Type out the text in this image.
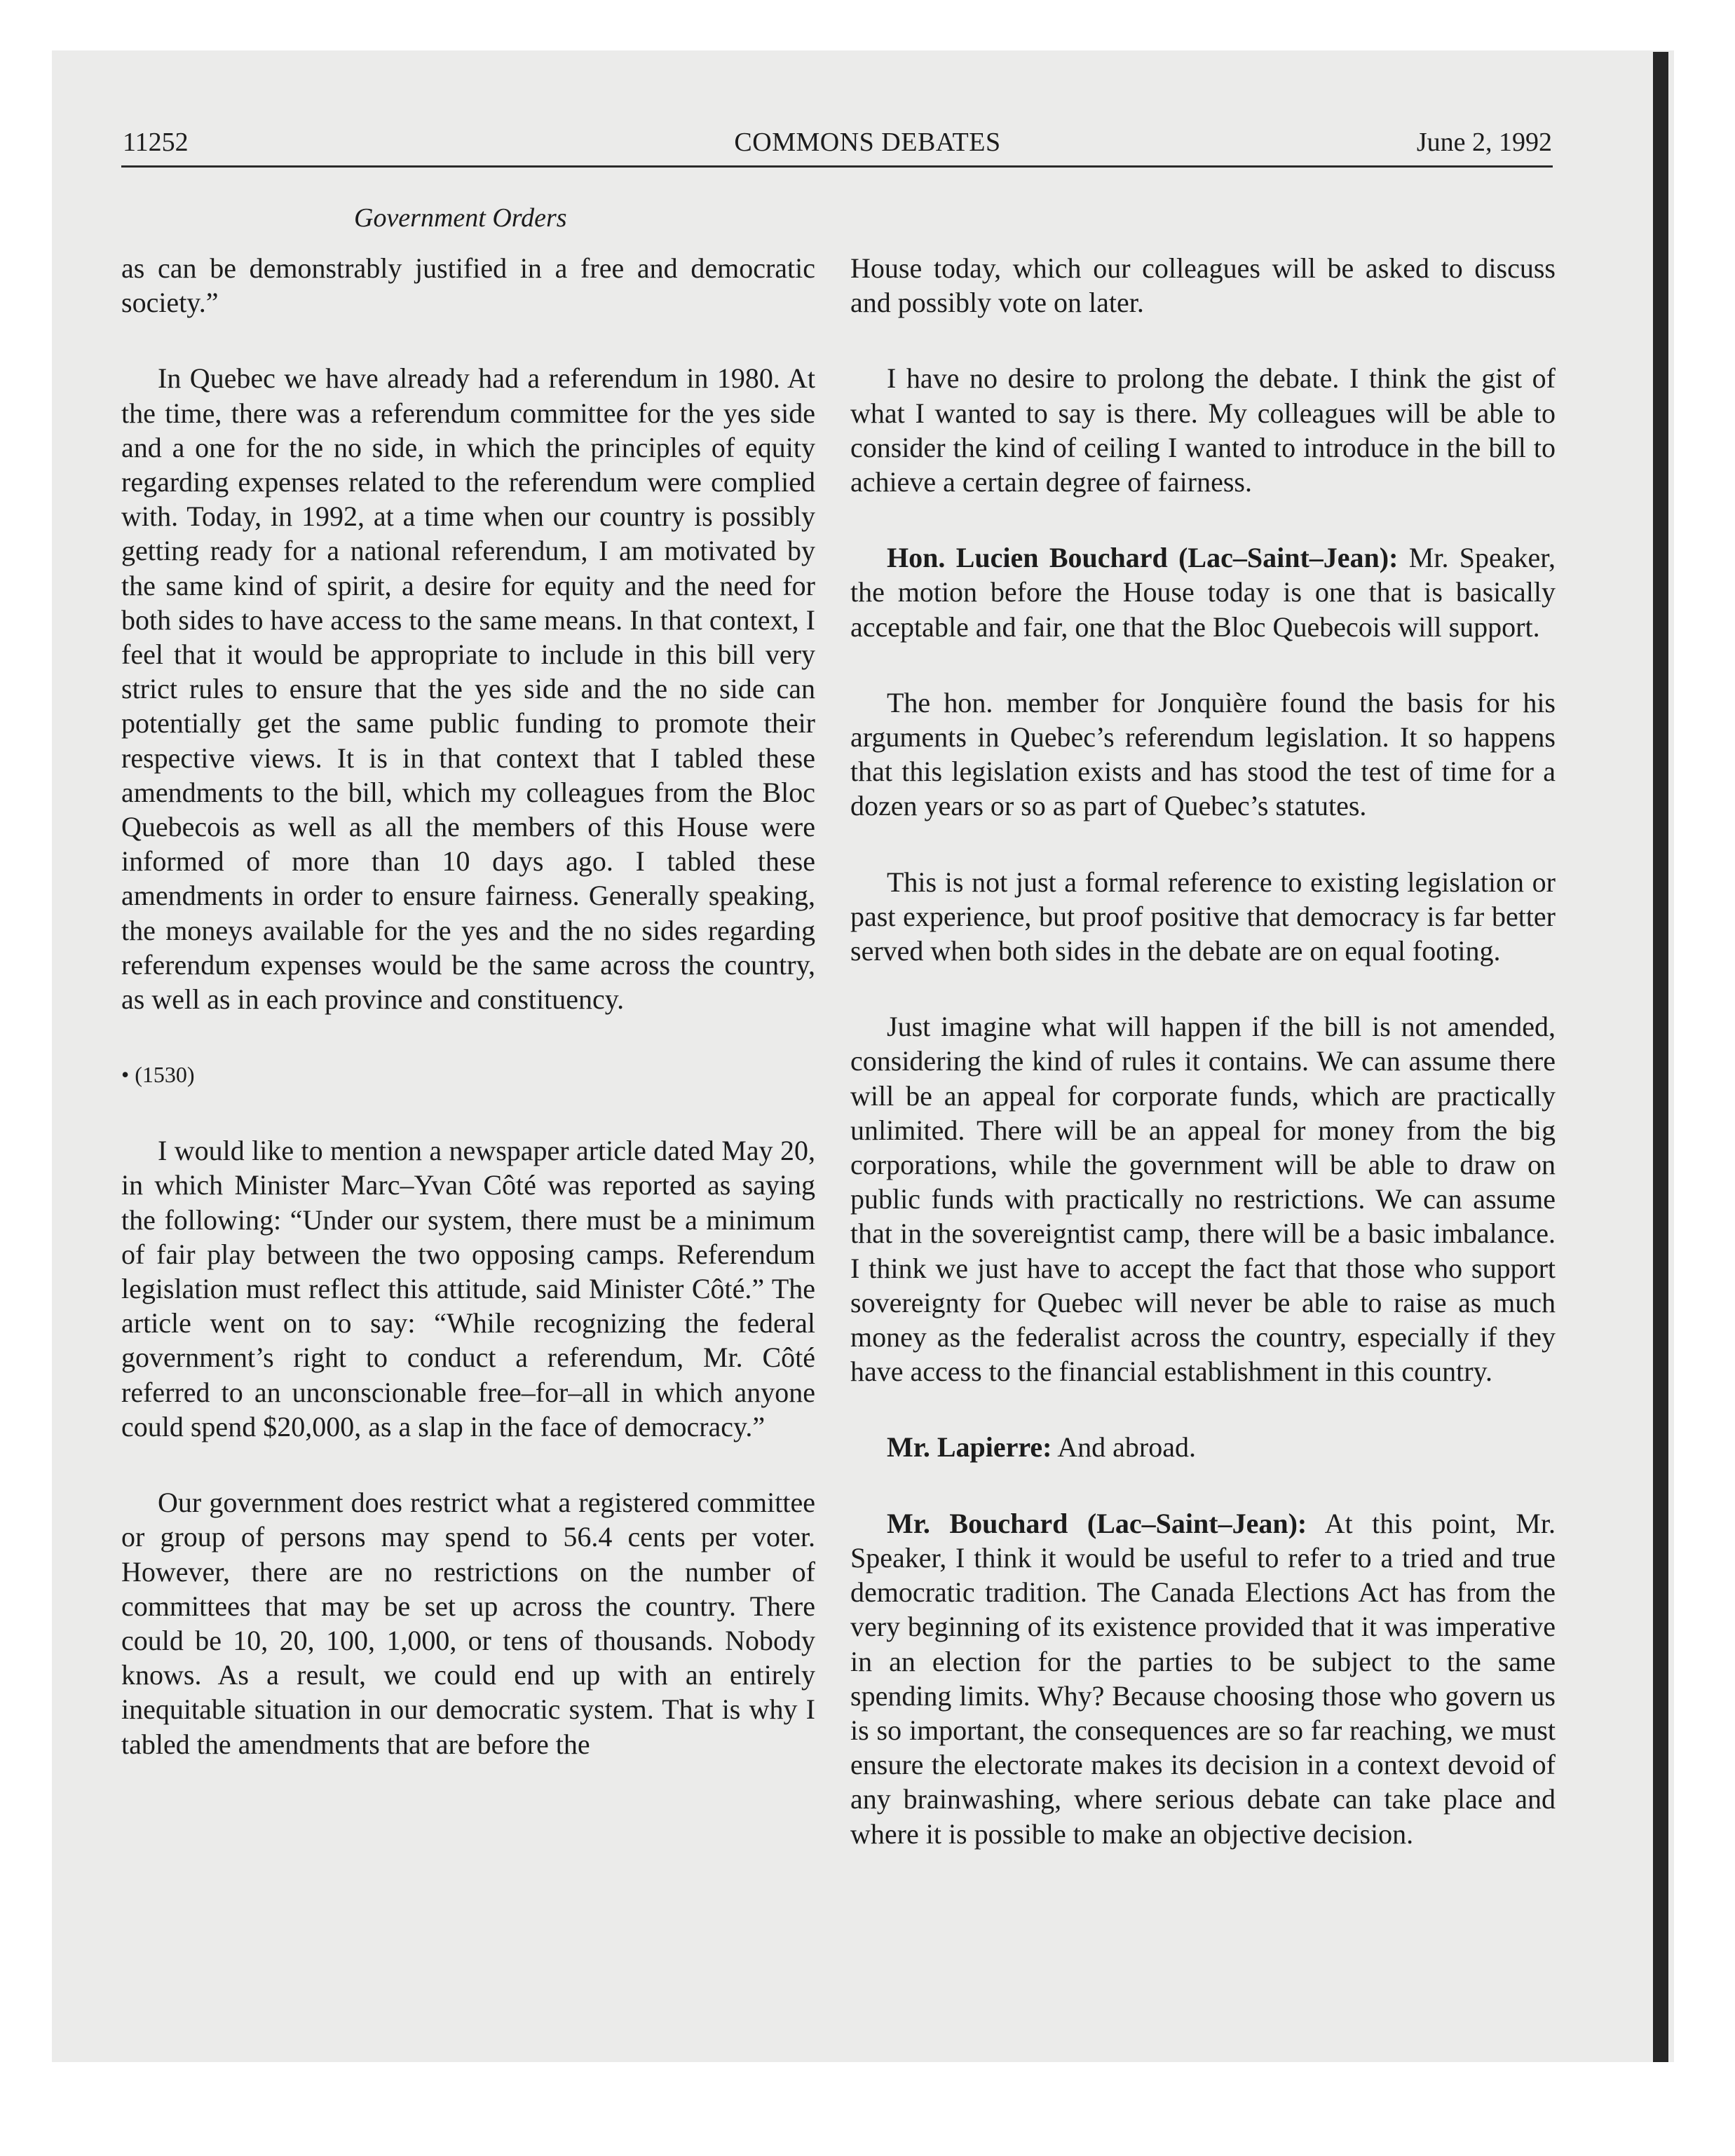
11252	COMMONS DEBATES	June 2, 1992
Government Orders

as can be demonstrably justified in a free and democratic society.”

In Quebec we have already had a referendum in 1980. At the time, there was a referendum committee for the yes side and a one for the no side, in which the principles of equity regarding expenses related to the referendum were complied with. Today, in 1992, at a time when our country is possibly getting ready for a national referendum, I am motivated by the same kind of spirit, a desire for equity and the need for both sides to have access to the same means. In that context, I feel that it would be appropriate to include in this bill very strict rules to ensure that the yes side and the no side can potentially get the same public funding to promote their respective views. It is in that context that I tabled these amendments to the bill, which my colleagues from the Bloc Quebecois as well as all the members of this House were informed of more than 10 days ago. I tabled these amendments in order to ensure fairness. Generally speaking, the moneys available for the yes and the no sides regarding referendum expenses would be the same across the country, as well as in each province and constituency.

• (1530)

I would like to mention a newspaper article dated May 20, in which Minister Marc–Yvan Côté was reported as saying the following: “Under our system, there must be a minimum of fair play between the two opposing camps. Referendum legislation must reflect this attitude, said Minister Côté.” The article went on to say: “While recognizing the federal government’s right to conduct a referendum, Mr. Côté referred to an unconscionable free–for–all in which anyone could spend $20,000, as a slap in the face of democracy.”

Our government does restrict what a registered committee or group of persons may spend to 56.4 cents per voter. However, there are no restrictions on the number of committees that may be set up across the country. There could be 10, 20, 100, 1,000, or tens of thousands. Nobody knows. As a result, we could end up with an entirely inequitable situation in our democratic system. That is why I tabled the amendments that are before the

House today, which our colleagues will be asked to discuss and possibly vote on later.

I have no desire to prolong the debate. I think the gist of what I wanted to say is there. My colleagues will be able to consider the kind of ceiling I wanted to introduce in the bill to achieve a certain degree of fairness.

Hon. Lucien Bouchard (Lac–Saint–Jean): Mr. Speaker, the motion before the House today is one that is basically acceptable and fair, one that the Bloc Quebecois will support.

The hon. member for Jonquière found the basis for his arguments in Quebec’s referendum legislation. It so happens that this legislation exists and has stood the test of time for a dozen years or so as part of Quebec’s statutes.

This is not just a formal reference to existing legislation or past experience, but proof positive that democracy is far better served when both sides in the debate are on equal footing.

Just imagine what will happen if the bill is not amended, considering the kind of rules it contains. We can assume there will be an appeal for corporate funds, which are practically unlimited. There will be an appeal for money from the big corporations, while the government will be able to draw on public funds with practically no restrictions. We can assume that in the sovereigntist camp, there will be a basic imbalance. I think we just have to accept the fact that those who support sovereignty for Quebec will never be able to raise as much money as the federalist across the country, especially if they have access to the financial establishment in this country.

Mr. Lapierre: And abroad.

Mr. Bouchard (Lac–Saint–Jean): At this point, Mr. Speaker, I think it would be useful to refer to a tried and true democratic tradition. The Canada Elections Act has from the very beginning of its existence provided that it was imperative in an election for the parties to be subject to the same spending limits. Why? Because choosing those who govern us is so important, the consequences are so far reaching, we must ensure the electorate makes its decision in a context devoid of any brainwashing, where serious debate can take place and where it is possible to make an objective decision.
